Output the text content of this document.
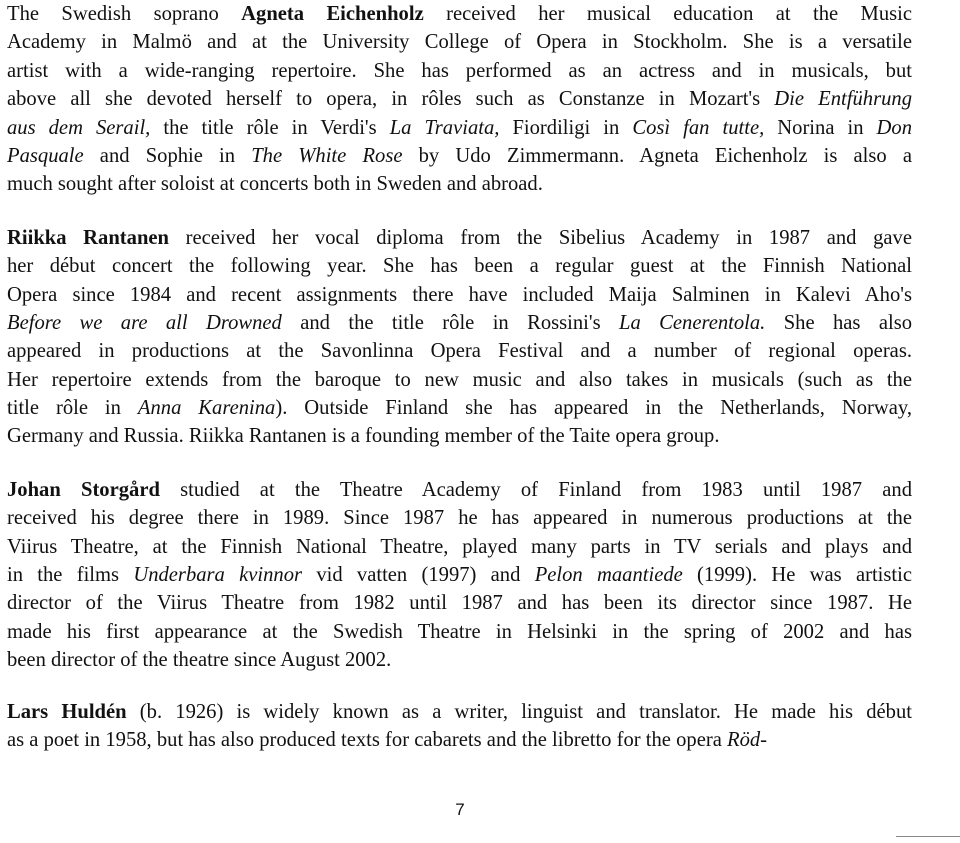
The Swedish soprano Agneta Eichenholz received her musical education at the Music
Academy in Malmö and at the University College of Opera in Stockholm. She is a versatile
artist with a wide-ranging repertoire. She has performed as an actress and in musicals, but
above all she devoted herself to opera, in rôles such as Constanze in Mozart's Die Entführung
aus dem Serail, the title rôle in Verdi's La Traviata, Fiordiligi in Così fan tutte, Norina in Don
Pasquale and Sophie in The White Rose by Udo Zimmermann. Agneta Eichenholz is also a
much sought after soloist at concerts both in Sweden and abroad.
Riikka Rantanen received her vocal diploma from the Sibelius Academy in 1987 and gave
her début concert the following year. She has been a regular guest at the Finnish National
Opera since 1984 and recent assignments there have included Maija Salminen in Kalevi Aho's
Before we are all Drowned and the title rôle in Rossini's La Cenerentola. She has also
appeared in productions at the Savonlinna Opera Festival and a number of regional operas.
Her repertoire extends from the baroque to new music and also takes in musicals (such as the
title rôle in Anna Karenina). Outside Finland she has appeared in the Netherlands, Norway,
Germany and Russia. Riikka Rantanen is a founding member of the Taite opera group.
Johan Storgård studied at the Theatre Academy of Finland from 1983 until 1987 and
received his degree there in 1989. Since 1987 he has appeared in numerous productions at the
Viirus Theatre, at the Finnish National Theatre, played many parts in TV serials and plays and
in the films Underbara kvinnor vid vatten (1997) and Pelon maantiede (1999). He was artistic
director of the Viirus Theatre from 1982 until 1987 and has been its director since 1987. He
made his first appearance at the Swedish Theatre in Helsinki in the spring of 2002 and has
been director of the theatre since August 2002.
Lars Huldén (b. 1926) is widely known as a writer, linguist and translator. He made his début
as a poet in 1958, but has also produced texts for cabarets and the libretto for the opera Röd-
7
